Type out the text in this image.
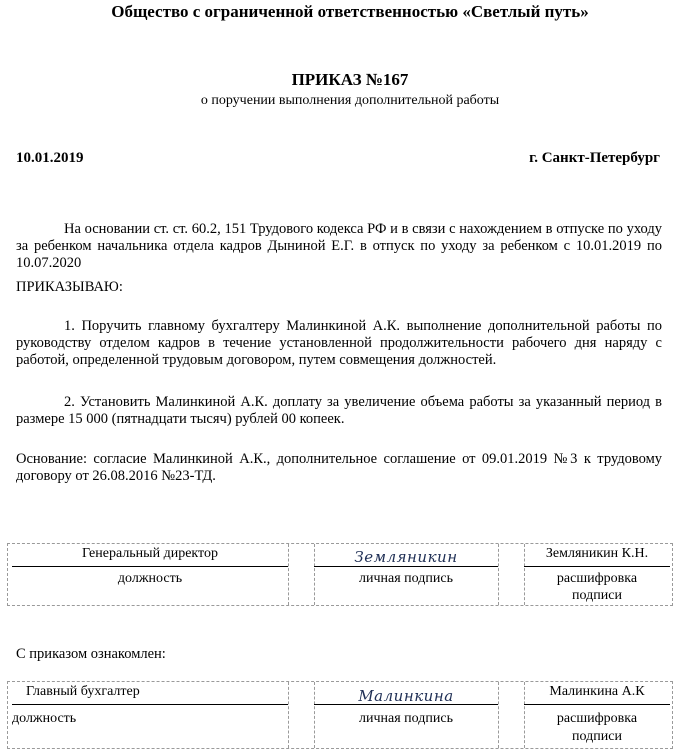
Общество с ограниченной ответственностью «Светлый путь»
ПРИКАЗ №167
о поручении выполнения дополнительной работы
10.01.2019	г. Санкт-Петербург
На основании ст. ст. 60.2, 151 Трудового кодекса РФ и в связи с нахождением в отпуске по уходу за ребенком начальника отдела кадров Дыниной Е.Г. в отпуск по уходу за ребенком с 10.01.2019 по 10.07.2020
ПРИКАЗЫВАЮ:
1. Поручить главному бухгалтеру Малинкиной А.К. выполнение дополнительной работы по руководству отделом кадров в течение установленной продолжительности рабочего дня наряду с работой, определенной трудовым договором, путем совмещения должностей.
2. Установить Малинкиной А.К. доплату за увеличение объема работы за указанный период в размере 15 000 (пятнадцати тысяч) рублей 00 копеек.
Основание: согласие Малинкиной А.К., дополнительное соглашение от 09.01.2019 №3 к трудовому договору от 26.08.2016 №23-ТД.
Генеральный директор	Земляникин	Земляникин К.Н.
должность	личная подпись	расшифровка
подписи
С приказом ознакомлен:
Главный бухгалтер	Малинкина	Малинкина А.К
должность	личная подпись	расшифровка
подписи
